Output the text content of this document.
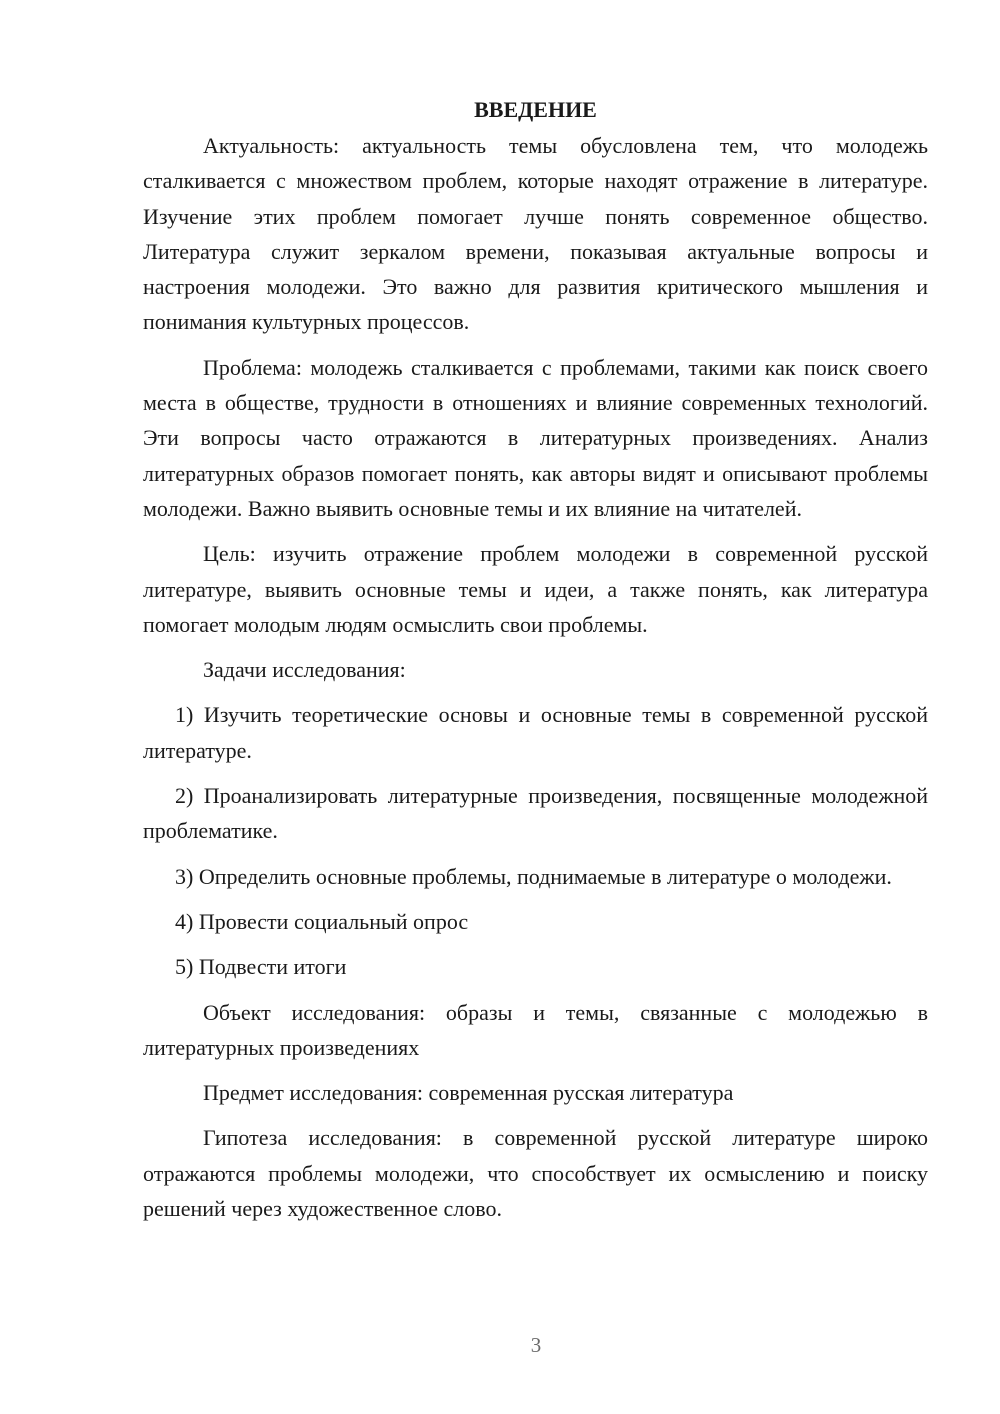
ВВЕДЕНИЕ

Актуальность: актуальность темы обусловлена тем, что молодежь сталкивается с множеством проблем, которые находят отражение в литературе. Изучение этих проблем помогает лучше понять современное общество. Литература служит зеркалом времени, показывая актуальные вопросы и настроения молодежи. Это важно для развития критического мышления и понимания культурных процессов.

Проблема: молодежь сталкивается с проблемами, такими как поиск своего места в обществе, трудности в отношениях и влияние современных технологий. Эти вопросы часто отражаются в литературных произведениях. Анализ литературных образов помогает понять, как авторы видят и описывают проблемы молодежи. Важно выявить основные темы и их влияние на читателей.

Цель: изучить отражение проблем молодежи в современной русской литературе, выявить основные темы и идеи, а также понять, как литература помогает молодым людям осмыслить свои проблемы.

Задачи исследования:

1) Изучить теоретические основы и основные темы в современной русской литературе.

2) Проанализировать литературные произведения, посвященные молодежной проблематике.

3) Определить основные проблемы, поднимаемые в литературе о молодежи.

4) Провести социальный опрос

5) Подвести итоги

Объект исследования: образы и темы, связанные с молодежью в литературных произведениях

Предмет исследования: современная русская литература

Гипотеза исследования: в современной русской литературе широко отражаются проблемы молодежи, что способствует их осмыслению и поиску решений через художественное слово.

3
